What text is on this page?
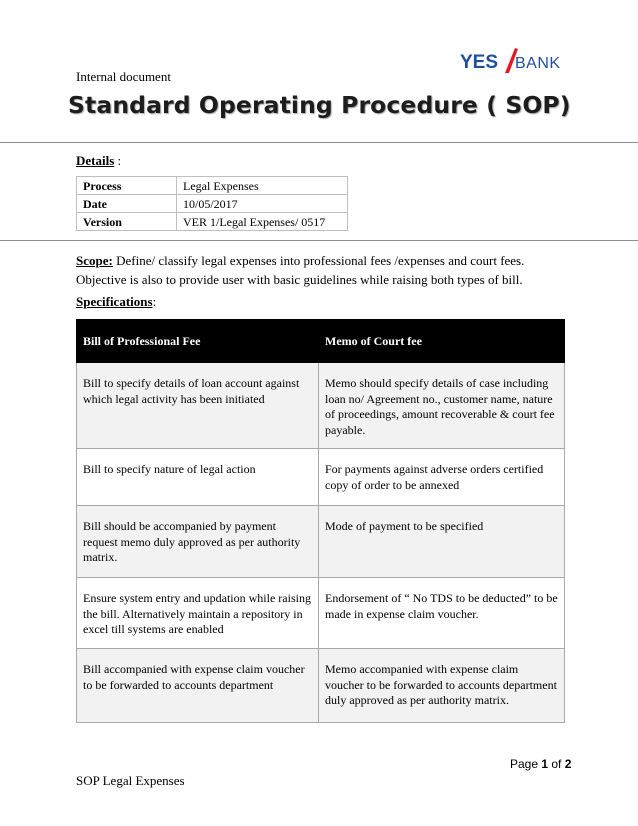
Internal document
YES BANK
Standard Operating Procedure ( SOP)
Details :
Process	Legal Expenses
Date	10/05/2017
Version	VER 1/Legal Expenses/ 0517
Scope: Define/ classify legal expenses into professional fees /expenses and court fees. Objective is also to provide user with basic guidelines while raising both types of bill.
Specifications:
Bill of Professional Fee	Memo of Court fee
Bill to specify details of loan account against which legal activity has been initiated	Memo should specify details of case including loan no/ Agreement no., customer name, nature of proceedings, amount recoverable & court fee payable.
Bill to specify nature of legal action	For payments against adverse orders certified copy of order to be annexed
Bill should be accompanied by payment request memo duly approved as per authority matrix.	Mode of payment to be specified
Ensure system entry and updation while raising the bill. Alternatively maintain a repository in excel till systems are enabled	Endorsement of “ No TDS to be deducted” to be made in expense claim voucher.
Bill accompanied with expense claim voucher to be forwarded to accounts department	Memo accompanied with expense claim voucher to be forwarded to accounts department duly approved as per authority matrix.
Page 1 of 2
SOP Legal Expenses
